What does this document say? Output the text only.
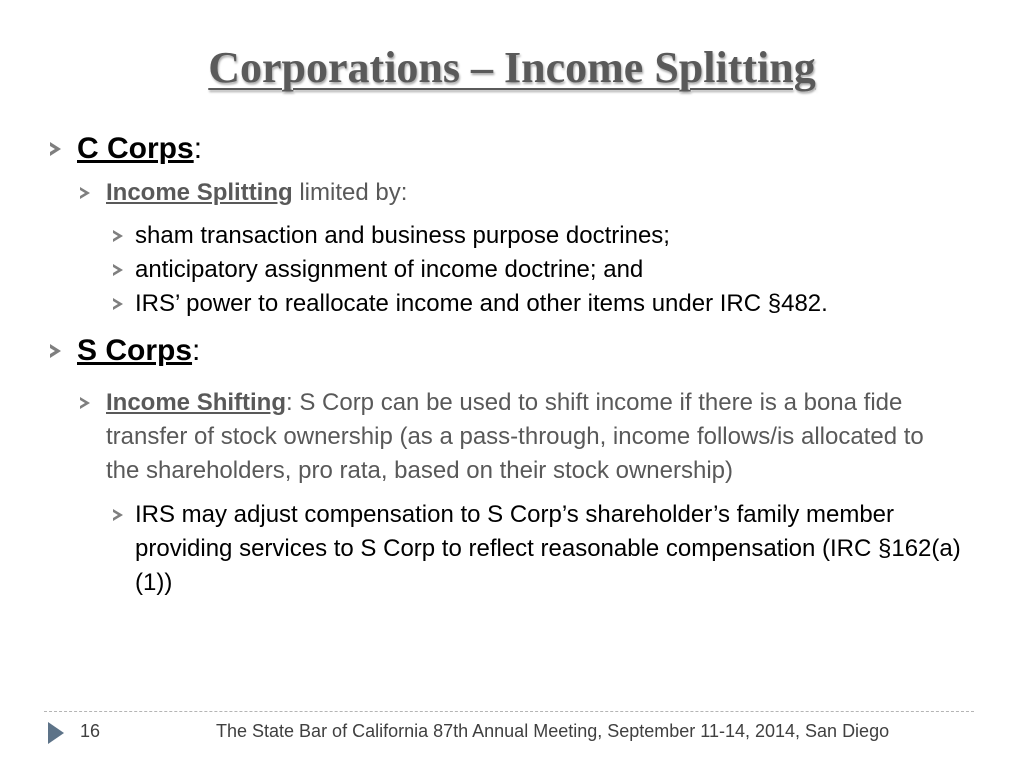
Corporations – Income Splitting
C Corps:
Income Splitting limited by:
sham transaction and business purpose doctrines;
anticipatory assignment of income doctrine; and
IRS’ power to reallocate income and other items under IRC §482.
S Corps:
Income Shifting: S Corp can be used to shift income if there is a bona fide transfer of stock ownership (as a pass-through, income follows/is allocated to the shareholders, pro rata, based on their stock ownership)
IRS may adjust compensation to S Corp’s shareholder’s family member providing services to S Corp to reflect reasonable compensation (IRC §162(a)(1))
16	The State Bar of California 87th Annual Meeting, September 11-14, 2014, San Diego
